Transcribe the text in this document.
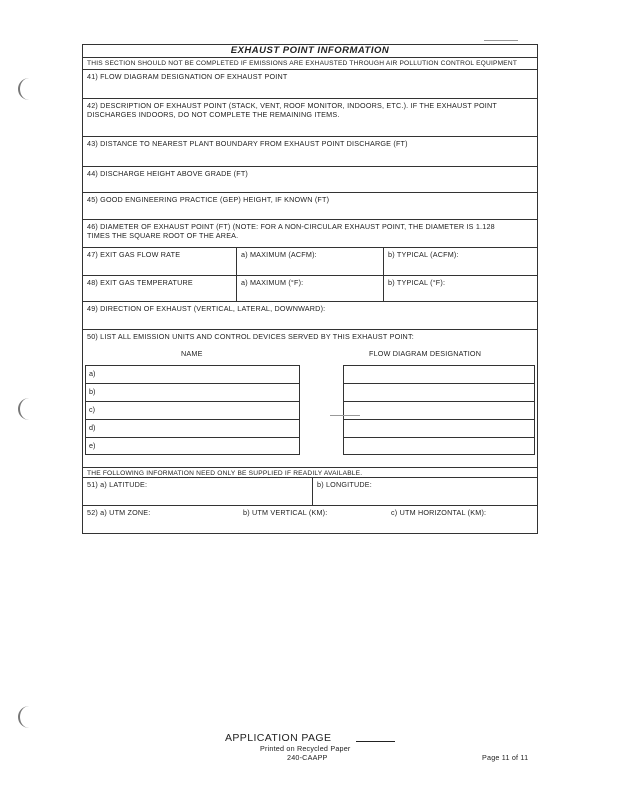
EXHAUST POINT INFORMATION
THIS SECTION SHOULD NOT BE COMPLETED IF EMISSIONS ARE EXHAUSTED THROUGH AIR POLLUTION CONTROL EQUIPMENT
41) FLOW DIAGRAM DESIGNATION OF EXHAUST POINT
42) DESCRIPTION OF EXHAUST POINT (STACK, VENT, ROOF MONITOR, INDOORS, ETC.). IF THE EXHAUST POINT DISCHARGES INDOORS, DO NOT COMPLETE THE REMAINING ITEMS.
43) DISTANCE TO NEAREST PLANT BOUNDARY FROM EXHAUST POINT DISCHARGE (FT)
44) DISCHARGE HEIGHT ABOVE GRADE (FT)
45) GOOD ENGINEERING PRACTICE (GEP) HEIGHT, IF KNOWN (FT)
46) DIAMETER OF EXHAUST POINT (FT) (NOTE: FOR A NON-CIRCULAR EXHAUST POINT, THE DIAMETER IS 1.128 TIMES THE SQUARE ROOT OF THE AREA.
47) EXIT GAS FLOW RATE	a) MAXIMUM (ACFM):	b) TYPICAL (ACFM):
48) EXIT GAS TEMPERATURE	a) MAXIMUM (°F):	b) TYPICAL (°F):
49) DIRECTION OF EXHAUST (VERTICAL, LATERAL, DOWNWARD):
50) LIST ALL EMISSION UNITS AND CONTROL DEVICES SERVED BY THIS EXHAUST POINT:
NAME	FLOW DIAGRAM DESIGNATION
a)
b)
c)
d)
e)
THE FOLLOWING INFORMATION NEED ONLY BE SUPPLIED IF READILY AVAILABLE.
51) a) LATITUDE:	b) LONGITUDE:
52) a) UTM ZONE:	b) UTM VERTICAL (KM):	c) UTM HORIZONTAL (KM):
APPLICATION PAGE
Printed on Recycled Paper
240-CAAPP	Page 11 of 11
